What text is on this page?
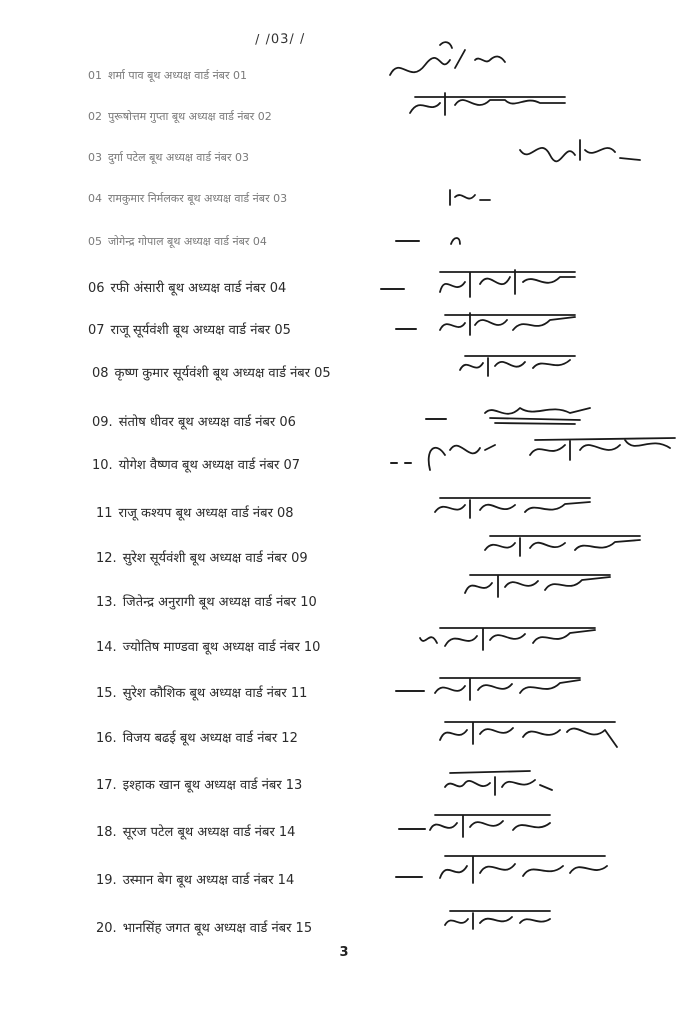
/ /03/ /
01 शर्मा पाव बूथ अध्यक्ष वार्ड नंबर 01
02 पुरूषोत्तम गुप्ता बूथ अध्यक्ष वार्ड नंबर 02
03 दुर्गा पटेल बूथ अध्यक्ष वार्ड नंबर 03
04 रामकुमार निर्मलकर बूथ अध्यक्ष वार्ड नंबर 03
05 जोगेन्द्र गोपाल बूथ अध्यक्ष वार्ड नंबर 04
06 रफी अंसारी बूथ अध्यक्ष वार्ड नंबर 04
07 राजू सूर्यवंशी बूथ अध्यक्ष वार्ड नंबर 05
08 कृष्ण कुमार सूर्यवंशी बूथ अध्यक्ष वार्ड नंबर 05
09. संतोष धीवर बूथ अध्यक्ष वार्ड नंबर 06
10. योगेश वैष्णव बूथ अध्यक्ष वार्ड नंबर 07
11 राजू कश्यप बूथ अध्यक्ष वार्ड नंबर 08
12. सुरेश सूर्यवंशी बूथ अध्यक्ष वार्ड नंबर 09
13. जितेन्द्र अनुरागी बूथ अध्यक्ष वार्ड नंबर 10
14. ज्योतिष माण्डवा बूथ अध्यक्ष वार्ड नंबर 10
15. सुरेश कौशिक बूथ अध्यक्ष वार्ड नंबर 11
16. विजय बढई बूथ अध्यक्ष वार्ड नंबर 12
17. इश्हाक खान बूथ अध्यक्ष वार्ड नंबर 13
18. सूरज पटेल बूथ अध्यक्ष वार्ड नंबर 14
19. उस्मान बेग बूथ अध्यक्ष वार्ड नंबर 14
20. भानसिंह जगत बूथ अध्यक्ष वार्ड नंबर 15
3
